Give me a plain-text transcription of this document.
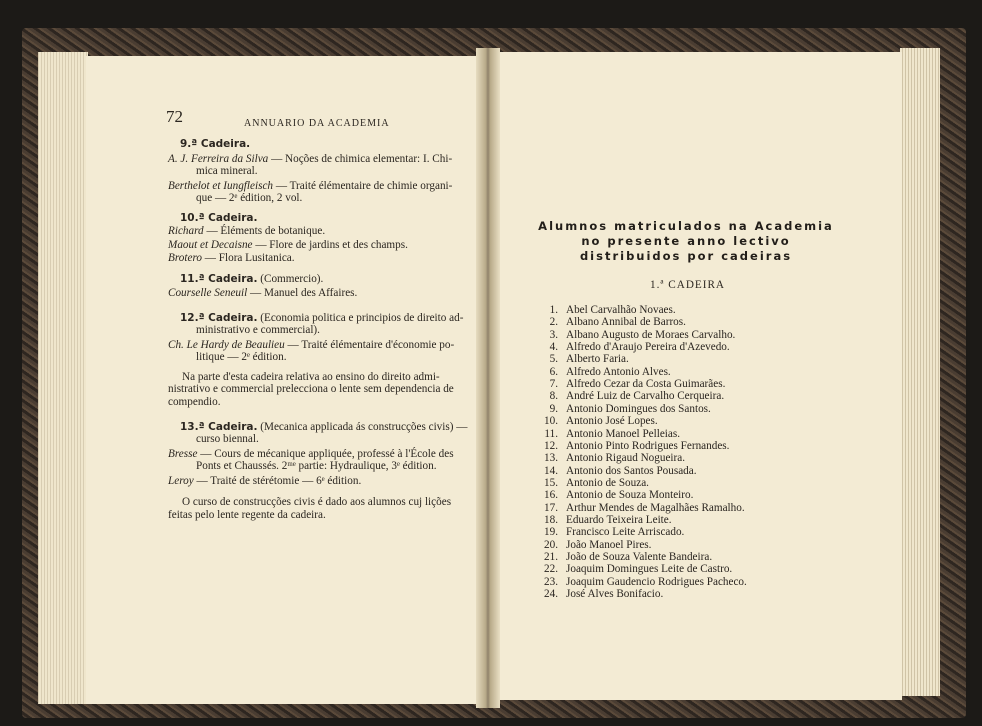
72	ANNUARIO DA ACADEMIA
9.ª Cadeira.
A. J. Ferreira da Silva — Noções de chimica elementar: I. Chi-
mica mineral.
Berthelot et Iungfleisch — Traité élémentaire de chimie organi-
que — 2ᵉ édition, 2 vol.
10.ª Cadeira.
Richard — Éléments de botanique.
Maout et Decaisne — Flore de jardins et des champs.
Brotero — Flora Lusitanica.
11.ª Cadeira. (Commercio).
Courselle Seneuil — Manuel des Affaires.
12.ª Cadeira. (Economia politica e principios de direito ad-
ministrativo e commercial).
Ch. Le Hardy de Beaulieu — Traité élémentaire d'économie po-
litique — 2ᵉ édition.
Na parte d'esta cadeira relativa ao ensino do direito admi-
nistrativo e commercial prelecciona o lente sem dependencia de
compendio.
13.ª Cadeira. (Mecanica applicada ás construcções civis) —
curso biennal.
Bresse — Cours de mécanique appliquée, professé à l'École des
Ponts et Chaussés. 2ᵐᵉ partie: Hydraulique, 3ᵉ édition.
Leroy — Traité de stérétomie — 6ᵉ édition.
O curso de construcções civis é dado aos alumnos cuj lições
feitas pelo lente regente da cadeira.
Alumnos matriculados na Academia
no presente anno lectivo
distribuidos por cadeiras
1.ª CADEIRA
1. Abel Carvalhão Novaes.
2. Albano Annibal de Barros.
3. Albano Augusto de Moraes Carvalho.
4. Alfredo d'Araujo Pereira d'Azevedo.
5. Alberto Faria.
6. Alfredo Antonio Alves.
7. Alfredo Cezar da Costa Guimarães.
8. André Luiz de Carvalho Cerqueira.
9. Antonio Domingues dos Santos.
10. Antonio José Lopes.
11. Antonio Manoel Pelleias.
12. Antonio Pinto Rodrigues Fernandes.
13. Antonio Rigaud Nogueira.
14. Antonio dos Santos Pousada.
15. Antonio de Souza.
16. Antonio de Souza Monteiro.
17. Arthur Mendes de Magalhães Ramalho.
18. Eduardo Teixeira Leite.
19. Francisco Leite Arriscado.
20. João Manoel Pires.
21. João de Souza Valente Bandeira.
22. Joaquim Domingues Leite de Castro.
23. Joaquim Gaudencio Rodrigues Pacheco.
24. José Alves Bonifacio.
